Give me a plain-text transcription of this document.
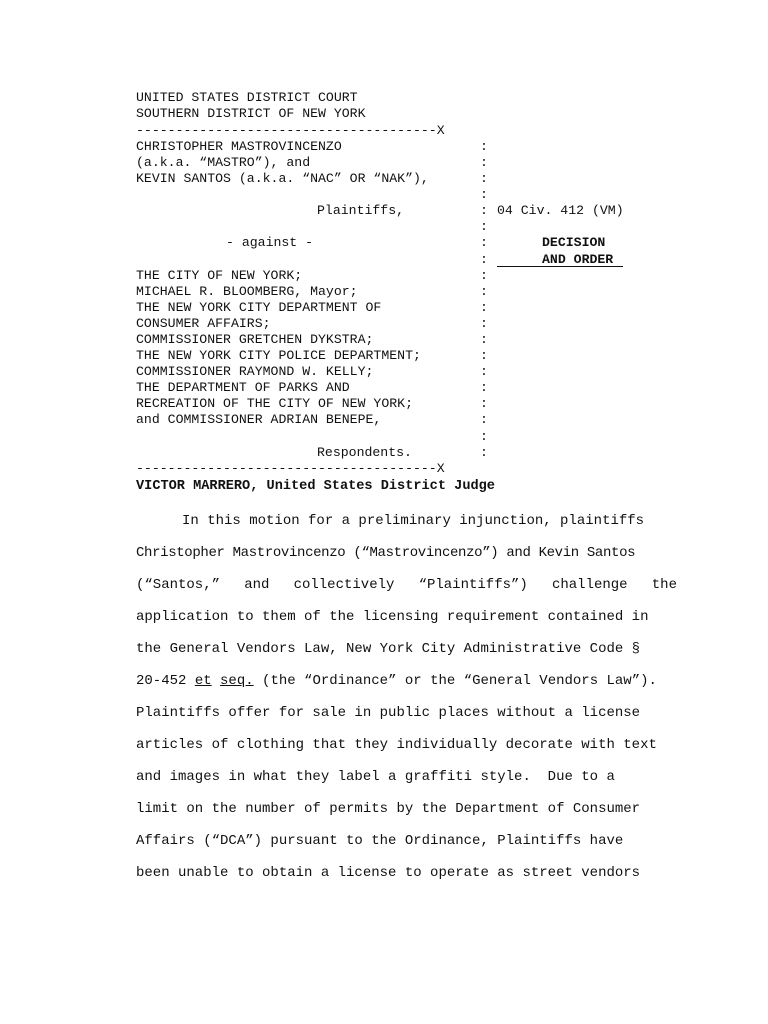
UNITED STATES DISTRICT COURT
SOUTHERN DISTRICT OF NEW YORK
--------------------------------------X
CHRISTOPHER MASTROVINCENZO
(a.k.a. “MASTRO”), and
KEVIN SANTOS (a.k.a. “NAC” OR “NAK”),
Plaintiffs,
- against -
THE CITY OF NEW YORK;
MICHAEL R. BLOOMBERG, Mayor;
THE NEW YORK CITY DEPARTMENT OF
CONSUMER AFFAIRS;
COMMISSIONER GRETCHEN DYKSTRA;
THE NEW YORK CITY POLICE DEPARTMENT;
COMMISSIONER RAYMOND W. KELLY;
THE DEPARTMENT OF PARKS AND
RECREATION OF THE CITY OF NEW YORK;
and COMMISSIONER ADRIAN BENEPE,
Respondents.
--------------------------------------X
:
:
:
:
:
:
:
:
:
:
:
:
:
:
:
:
:
:
:
:
04 Civ. 412 (VM)
DECISION
AND ORDER
VICTOR MARRERO, United States District Judge
In this motion for a preliminary injunction, plaintiffs
Christopher Mastrovincenzo (“Mastrovincenzo”) and Kevin Santos
(“Santos,” and collectively “Plaintiffs”) challenge the
application to them of the licensing requirement contained in
the General Vendors Law, New York City Administrative Code §
20-452 et seq. (the “Ordinance” or the “General Vendors Law”).
Plaintiffs offer for sale in public places without a license
articles of clothing that they individually decorate with text
and images in what they label a graffiti style.  Due to a
limit on the number of permits by the Department of Consumer
Affairs (“DCA”) pursuant to the Ordinance, Plaintiffs have
been unable to obtain a license to operate as street vendors
